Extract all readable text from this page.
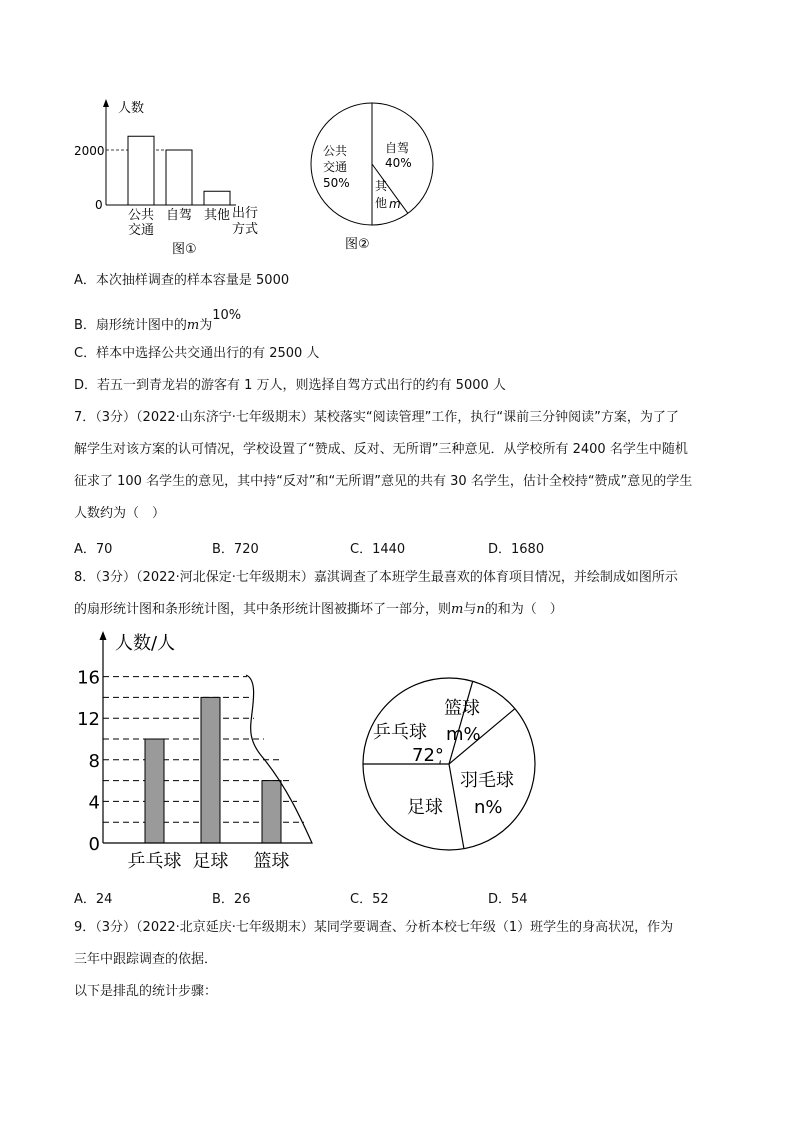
人数
2000
0
公共
交通
自驾 其他 出行
方式
图①
公共
交通
50%
自驾
40%
其
他 m
图②
A．本次抽样调查的样本容量是 5000
B．扇形统计图中的m为10%
C．样本中选择公共交通出行的有 2500 人
D．若五一到青龙岩的游客有 1 万人，则选择自驾方式出行的约有 5000 人
7．（3分）（2022·山东济宁·七年级期末）某校落实“阅读管理”工作，执行“课前三分钟阅读”方案，为了了
解学生对该方案的认可情况，学校设置了“赞成、反对、无所谓”三种意见．从学校所有 2400 名学生中随机
征求了 100 名学生的意见，其中持“反对”和“无所谓”意见的共有 30 名学生，估计全校持“赞成”意见的学生
人数约为（　）
A．70	B．720	C．1440	D．1680
8．（3分）（2022·河北保定·七年级期末）嘉淇调查了本班学生最喜欢的体育项目情况，并绘制成如图所示
的扇形统计图和条形统计图，其中条形统计图被撕坏了一部分，则m与n的和为（　）
人数/人
16
12
8
4
0
乒乓球 足球 篮球
乒乓球
72°
篮球
m%
羽毛球
n%
足球
A．24	B．26	C．52	D．54
9．（3分）（2022·北京延庆·七年级期末）某同学要调查、分析本校七年级（1）班学生的身高状况，作为
三年中跟踪调查的依据．
以下是排乱的统计步骤：
